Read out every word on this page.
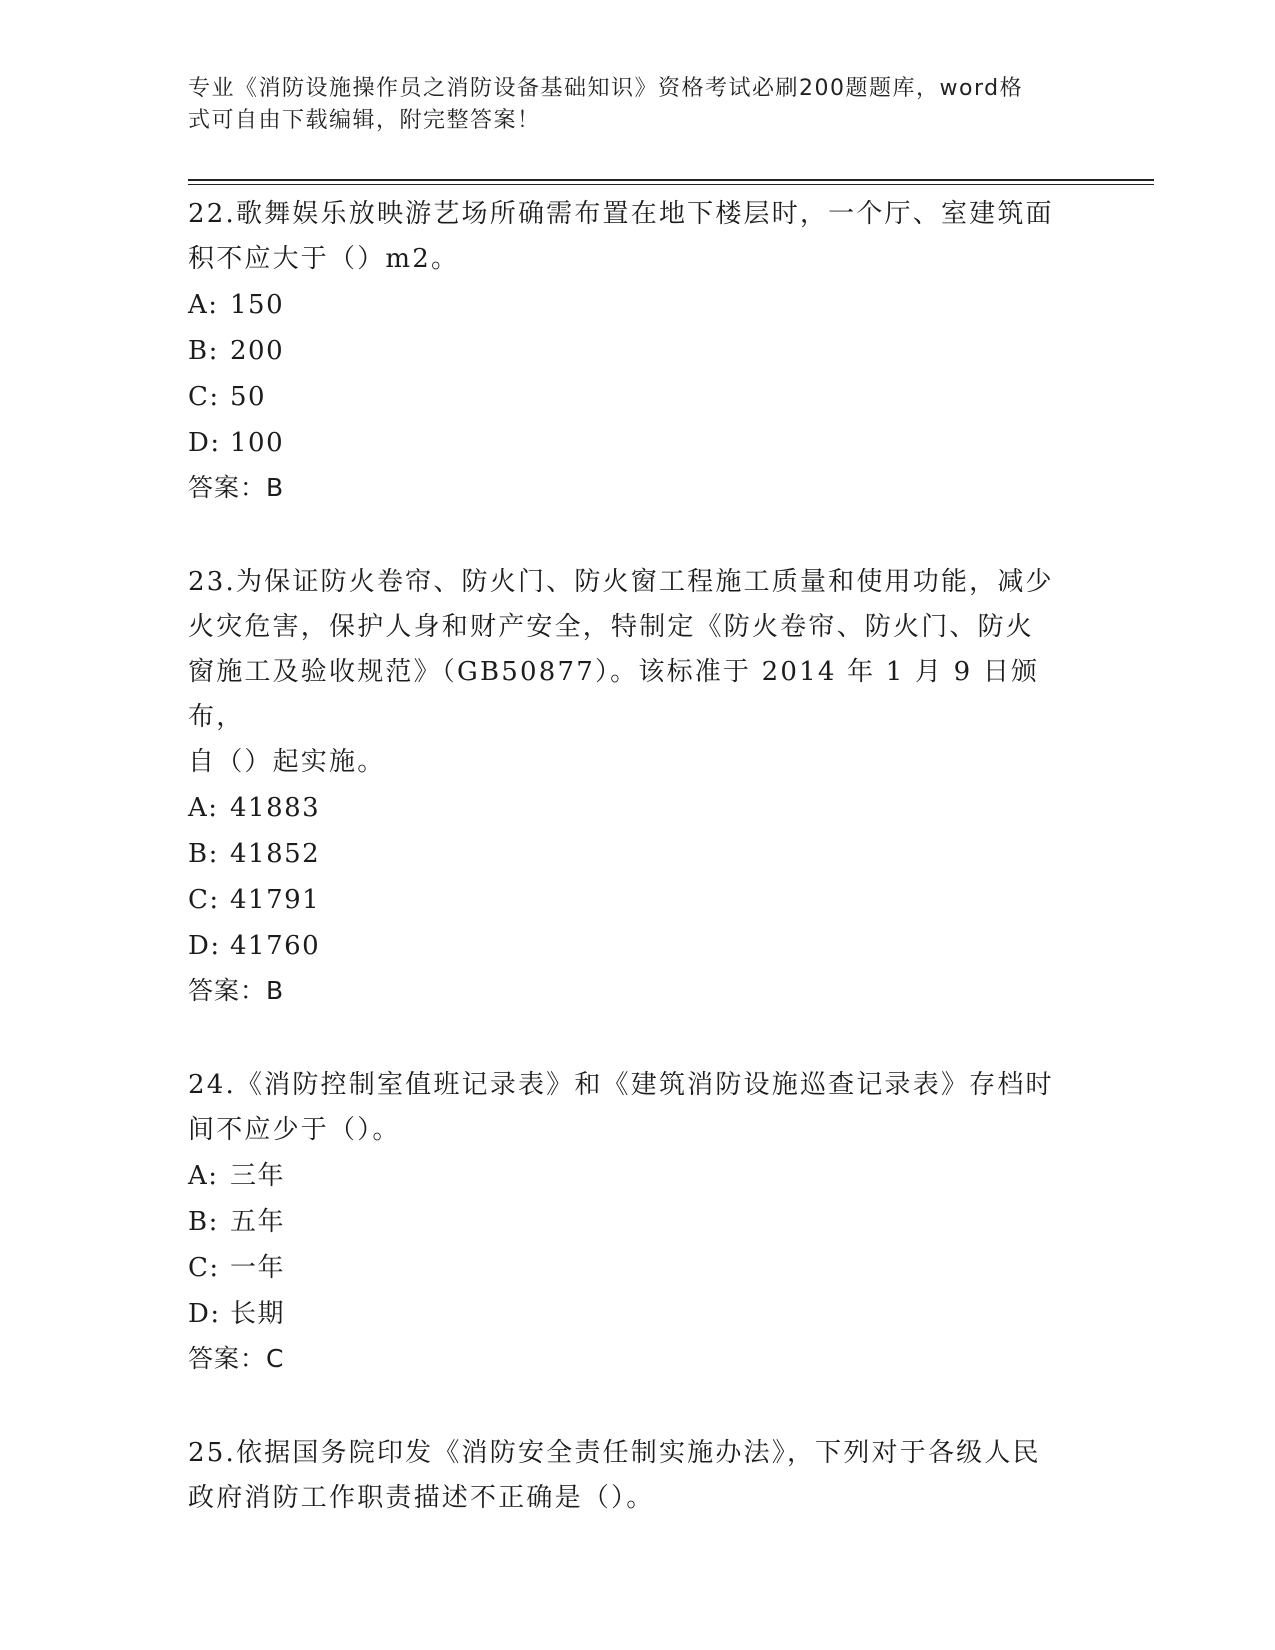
专业《消防设施操作员之消防设备基础知识》资格考试必刷200题题库，word格
式可自由下载编辑，附完整答案！
22.歌舞娱乐放映游艺场所确需布置在地下楼层时，一个厅、室建筑面
积不应大于（）m2。
A: 150
B: 200
C: 50
D: 100
答案：B
23.为保证防火卷帘、防火门、防火窗工程施工质量和使用功能，减少
火灾危害，保护人身和财产安全，特制定《防火卷帘、防火门、防火
窗施工及验收规范》（GB50877）。该标准于 2014 年 1 月 9 日颁布，
自（）起实施。
A: 41883
B: 41852
C: 41791
D: 41760
答案：B
24.《消防控制室值班记录表》和《建筑消防设施巡查记录表》存档时
间不应少于（）。
A: 三年
B: 五年
C: 一年
D: 长期
答案：C
25.依据国务院印发《消防安全责任制实施办法》，下列对于各级人民
政府消防工作职责描述不正确是（）。
